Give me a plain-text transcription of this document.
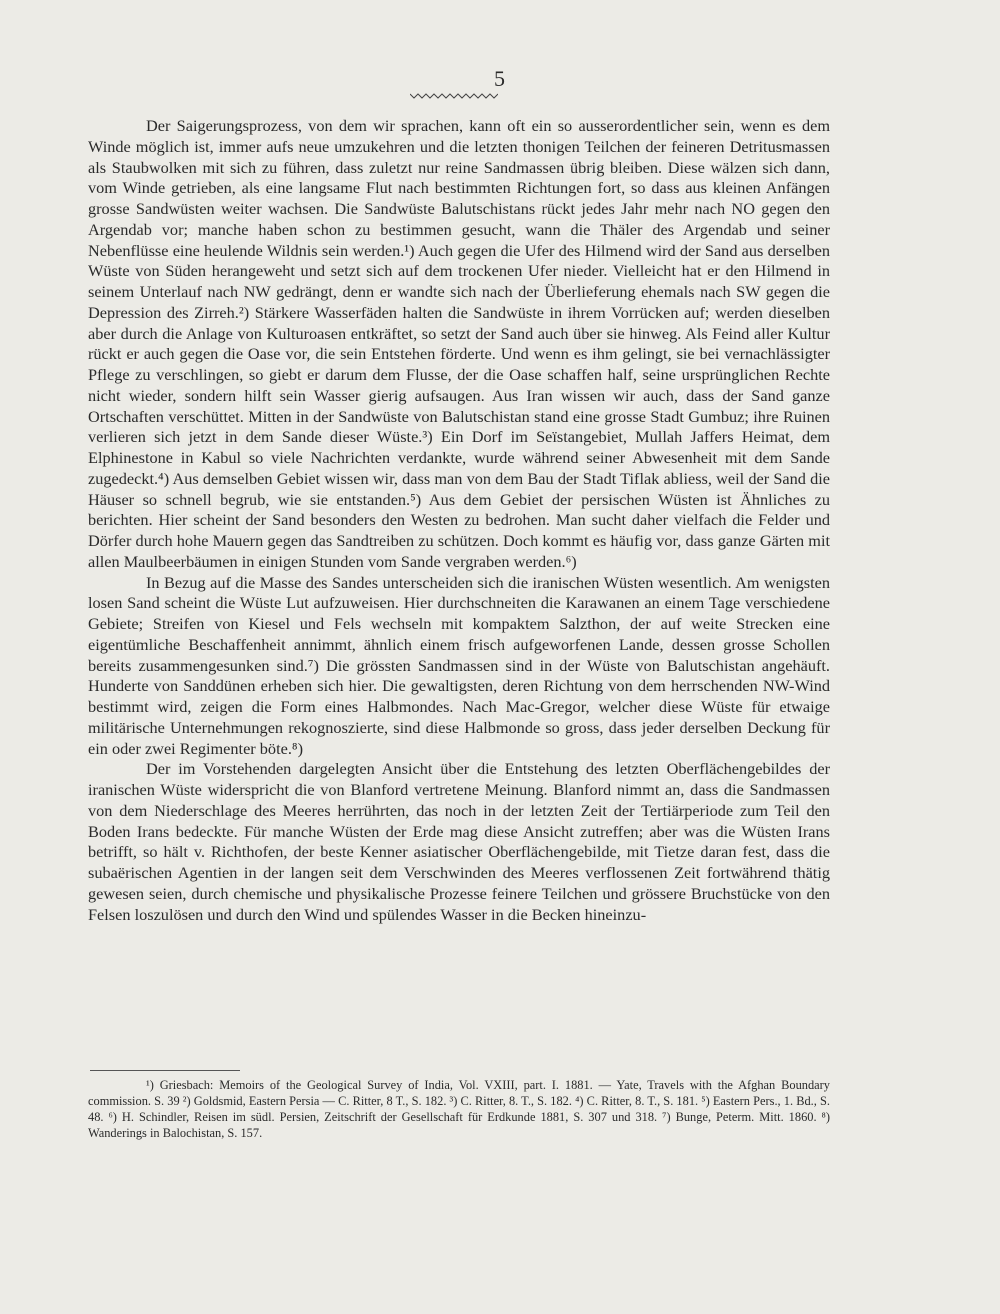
5

Der Saigerungsprozess, von dem wir sprachen, kann oft ein so ausserordentlicher sein, wenn es dem Winde möglich ist, immer aufs neue umzukehren und die letzten thonigen Teilchen der feineren Detritusmassen als Staubwolken mit sich zu führen, dass zuletzt nur reine Sandmassen übrig bleiben. Diese wälzen sich dann, vom Winde getrieben, als eine langsame Flut nach bestimmten Richtungen fort, so dass aus kleinen Anfängen grosse Sandwüsten weiter wachsen. Die Sandwüste Balutschistans rückt jedes Jahr mehr nach NO gegen den Argendab vor; manche haben schon zu bestimmen gesucht, wann die Thäler des Argendab und seiner Nebenflüsse eine heulende Wildnis sein werden.¹) Auch gegen die Ufer des Hilmend wird der Sand aus derselben Wüste von Süden herangeweht und setzt sich auf dem trockenen Ufer nieder. Vielleicht hat er den Hilmend in seinem Unterlauf nach NW gedrängt, denn er wandte sich nach der Überlieferung ehemals nach SW gegen die Depression des Zirreh.²) Stärkere Wasserfäden halten die Sandwüste in ihrem Vorrücken auf; werden dieselben aber durch die Anlage von Kulturoasen entkräftet, so setzt der Sand auch über sie hinweg. Als Feind aller Kultur rückt er auch gegen die Oase vor, die sein Entstehen förderte. Und wenn es ihm gelingt, sie bei vernachlässigter Pflege zu verschlingen, so giebt er darum dem Flusse, der die Oase schaffen half, seine ursprünglichen Rechte nicht wieder, sondern hilft sein Wasser gierig aufsaugen. Aus Iran wissen wir auch, dass der Sand ganze Ortschaften verschüttet. Mitten in der Sandwüste von Balutschistan stand eine grosse Stadt Gumbuz; ihre Ruinen verlieren sich jetzt in dem Sande dieser Wüste.³) Ein Dorf im Seïstangebiet, Mullah Jaffers Heimat, dem Elphinestone in Kabul so viele Nachrichten verdankte, wurde während seiner Abwesenheit mit dem Sande zugedeckt.⁴) Aus demselben Gebiet wissen wir, dass man von dem Bau der Stadt Tiflak abliess, weil der Sand die Häuser so schnell begrub, wie sie entstanden.⁵) Aus dem Gebiet der persischen Wüsten ist Ähnliches zu berichten. Hier scheint der Sand besonders den Westen zu bedrohen. Man sucht daher vielfach die Felder und Dörfer durch hohe Mauern gegen das Sandtreiben zu schützen. Doch kommt es häufig vor, dass ganze Gärten mit allen Maulbeerbäumen in einigen Stunden vom Sande vergraben werden.⁶)

In Bezug auf die Masse des Sandes unterscheiden sich die iranischen Wüsten wesentlich. Am wenigsten losen Sand scheint die Wüste Lut aufzuweisen. Hier durchschneiten die Karawanen an einem Tage verschiedene Gebiete; Streifen von Kiesel und Fels wechseln mit kompaktem Salzthon, der auf weite Strecken eine eigentümliche Beschaffenheit annimmt, ähnlich einem frisch aufgeworfenen Lande, dessen grosse Schollen bereits zusammengesunken sind.⁷) Die grössten Sandmassen sind in der Wüste von Balutschistan angehäuft. Hunderte von Sanddünen erheben sich hier. Die gewaltigsten, deren Richtung von dem herrschenden NW-Wind bestimmt wird, zeigen die Form eines Halbmondes. Nach Mac-Gregor, welcher diese Wüste für etwaige militärische Unternehmungen rekognoszierte, sind diese Halbmonde so gross, dass jeder derselben Deckung für ein oder zwei Regimenter böte.⁸)

Der im Vorstehenden dargelegten Ansicht über die Entstehung des letzten Oberflächengebildes der iranischen Wüste widerspricht die von Blanford vertretene Meinung. Blanford nimmt an, dass die Sandmassen von dem Niederschlage des Meeres herrührten, das noch in der letzten Zeit der Tertiärperiode zum Teil den Boden Irans bedeckte. Für manche Wüsten der Erde mag diese Ansicht zutreffen; aber was die Wüsten Irans betrifft, so hält v. Richthofen, der beste Kenner asiatischer Oberflächengebilde, mit Tietze daran fest, dass die subaërischen Agentien in der langen seit dem Verschwinden des Meeres verflossenen Zeit fortwährend thätig gewesen seien, durch chemische und physikalische Prozesse feinere Teilchen und grössere Bruchstücke von den Felsen loszulösen und durch den Wind und spülendes Wasser in die Becken hineinzu-

¹) Griesbach: Memoirs of the Geological Survey of India, Vol. VXIII, part. I. 1881. — Yate, Travels with the Afghan Boundary commission. S. 39 ²) Goldsmid, Eastern Persia — C. Ritter, 8 T., S. 182. ³) C. Ritter, 8. T., S. 182. ⁴) C. Ritter, 8. T., S. 181. ⁵) Eastern Pers., 1. Bd., S. 48. ⁶) H. Schindler, Reisen im südl. Persien, Zeitschrift der Gesellschaft für Erdkunde 1881, S. 307 und 318. ⁷) Bunge, Peterm. Mitt. 1860. ⁸) Wanderings in Balochistan, S. 157.
